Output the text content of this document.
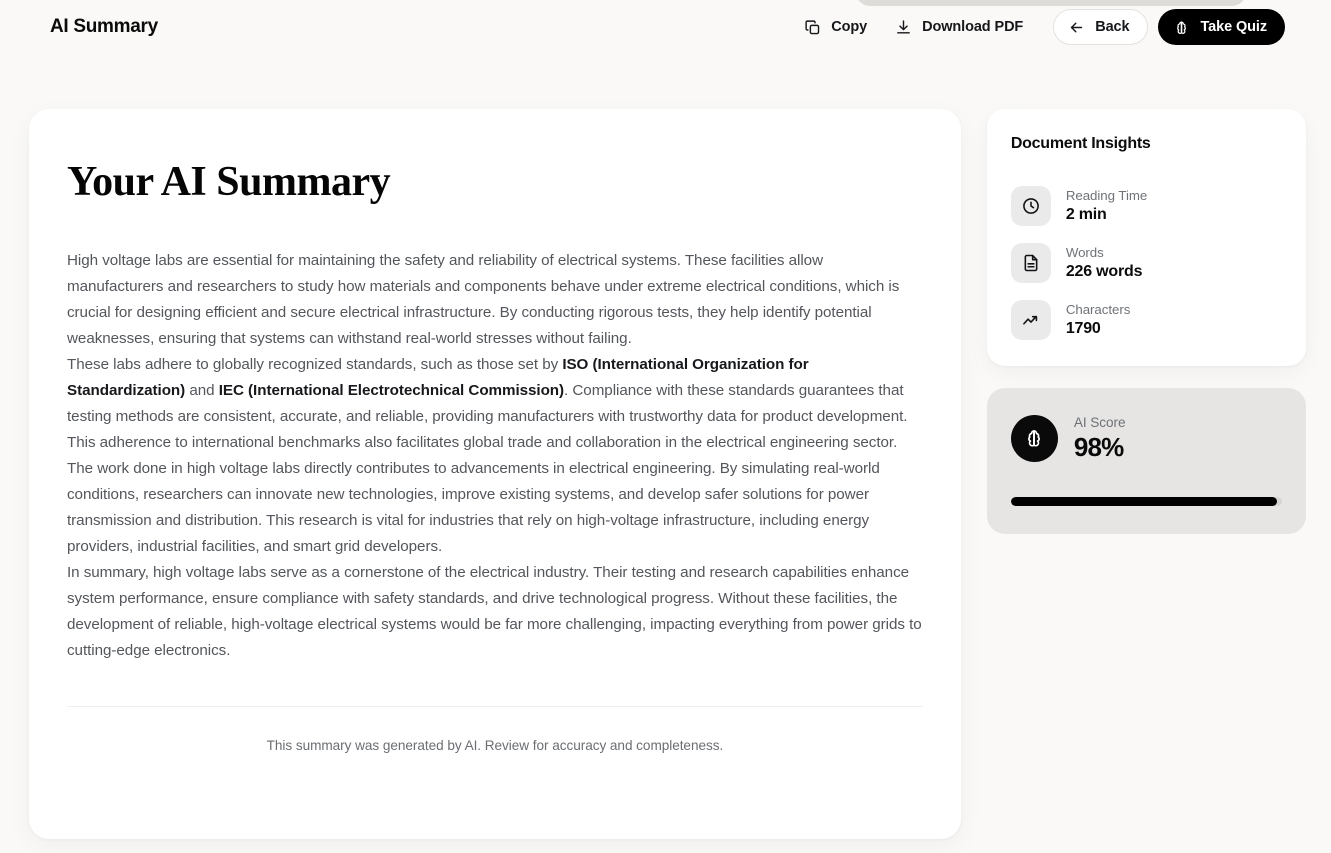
AI Summary	Copy	Download PDF	Back	Take Quiz
Your AI Summary

High voltage labs are essential for maintaining the safety and reliability of electrical systems. These facilities allow manufacturers and researchers to study how materials and components behave under extreme electrical conditions, which is crucial for designing efficient and secure electrical infrastructure. By conducting rigorous tests, they help identify potential weaknesses, ensuring that systems can withstand real-world stresses without failing.

These labs adhere to globally recognized standards, such as those set by ISO (International Organization for Standardization) and IEC (International Electrotechnical Commission). Compliance with these standards guarantees that testing methods are consistent, accurate, and reliable, providing manufacturers with trustworthy data for product development. This adherence to international benchmarks also facilitates global trade and collaboration in the electrical engineering sector.

The work done in high voltage labs directly contributes to advancements in electrical engineering. By simulating real-world conditions, researchers can innovate new technologies, improve existing systems, and develop safer solutions for power transmission and distribution. This research is vital for industries that rely on high-voltage infrastructure, including energy providers, industrial facilities, and smart grid developers.

In summary, high voltage labs serve as a cornerstone of the electrical industry. Their testing and research capabilities enhance system performance, ensure compliance with safety standards, and drive technological progress. Without these facilities, the development of reliable, high-voltage electrical systems would be far more challenging, impacting everything from power grids to cutting-edge electronics.

This summary was generated by AI. Review for accuracy and completeness.
Document Insights
Reading Time
2 min
Words
226 words
Characters
1790
AI Score
98%
